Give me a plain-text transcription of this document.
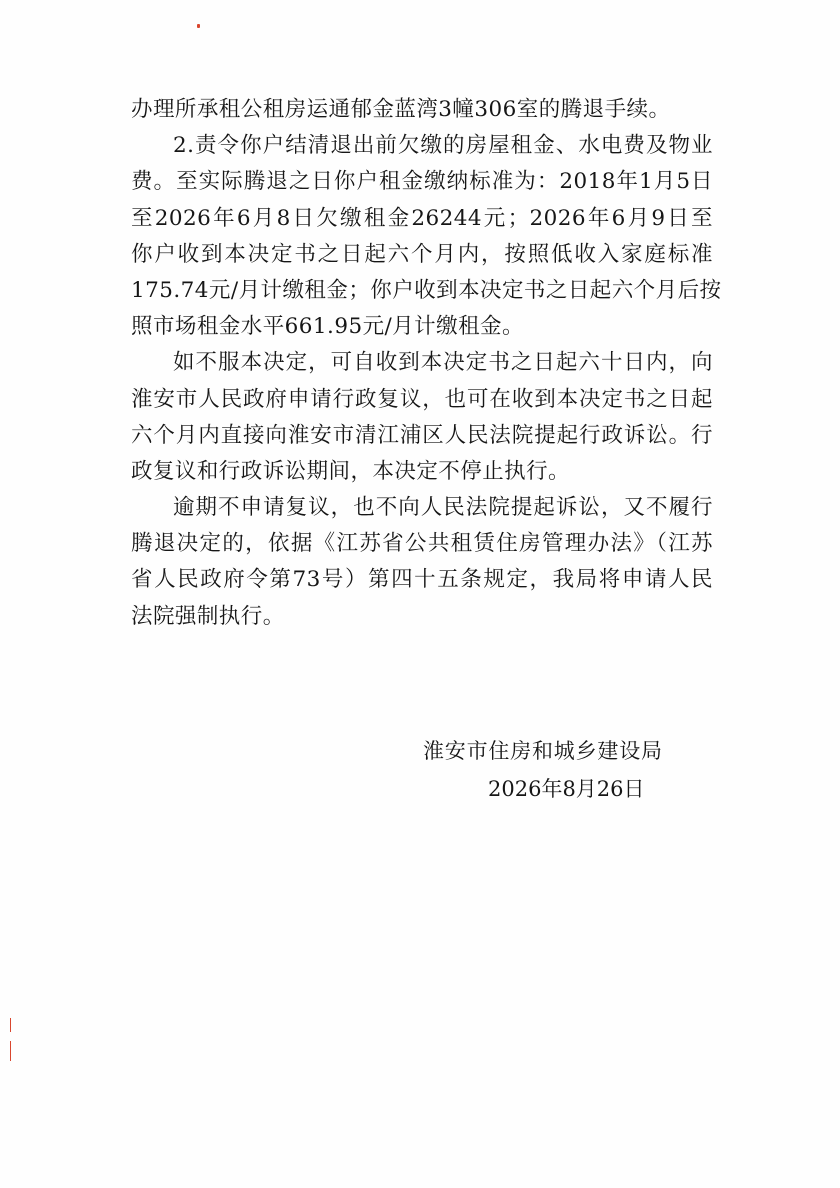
办理所承租公租房运通郁金蓝湾3幢306室的腾退手续。
2.责令你户结清退出前欠缴的房屋租金、水电费及物业
费。至实际腾退之日你户租金缴纳标准为：2018年1月5日
至2026年6月8日欠缴租金26244元；2026年6月9日至
你户收到本决定书之日起六个月内，按照低收入家庭标准
175.74元/月计缴租金；你户收到本决定书之日起六个月后按
照市场租金水平661.95元/月计缴租金。
如不服本决定，可自收到本决定书之日起六十日内，向
淮安市人民政府申请行政复议，也可在收到本决定书之日起
六个月内直接向淮安市清江浦区人民法院提起行政诉讼。行
政复议和行政诉讼期间，本决定不停止执行。
逾期不申请复议，也不向人民法院提起诉讼，又不履行
腾退决定的，依据《江苏省公共租赁住房管理办法》（江苏
省人民政府令第73号）第四十五条规定，我局将申请人民
法院强制执行。
淮安市住房和城乡建设局
2026年8月26日
